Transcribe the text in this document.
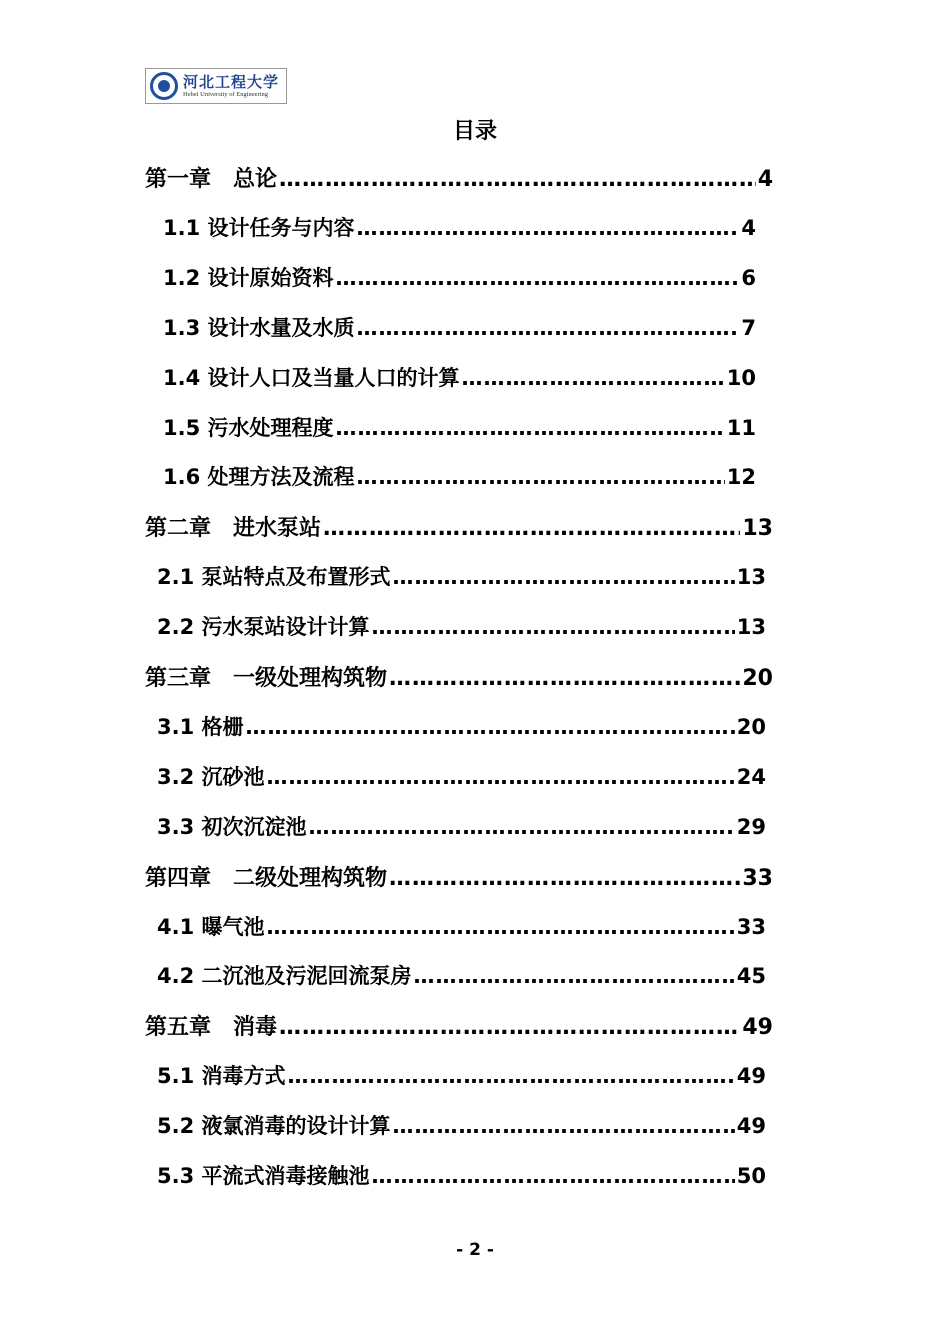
河北工程大学
Hebei University of Engineering
目录
第一章　总论 …………………………………………………………………………………………………………………………………………	4
1.1 设计任务与内容 …………………………………………………………………………………………………………………………………………	4
1.2 设计原始资料 …………………………………………………………………………………………………………………………………………	6
1.3 设计水量及水质 …………………………………………………………………………………………………………………………………………	7
1.4 设计人口及当量人口的计算 …………………………………………………………………………………………………………………………………………	10
1.5 污水处理程度 …………………………………………………………………………………………………………………………………………	11
1.6 处理方法及流程 …………………………………………………………………………………………………………………………………………	12
第二章　进水泵站 …………………………………………………………………………………………………………………………………………	13
2.1 泵站特点及布置形式 …………………………………………………………………………………………………………………………………………	13
2.2 污水泵站设计计算 …………………………………………………………………………………………………………………………………………	13
第三章　一级处理构筑物 …………………………………………………………………………………………………………………………………………	20
3.1 格栅 …………………………………………………………………………………………………………………………………………	20
3.2 沉砂池 …………………………………………………………………………………………………………………………………………	24
3.3 初次沉淀池 …………………………………………………………………………………………………………………………………………	29
第四章　二级处理构筑物 …………………………………………………………………………………………………………………………………………	33
4.1 曝气池 …………………………………………………………………………………………………………………………………………	33
4.2 二沉池及污泥回流泵房 …………………………………………………………………………………………………………………………………………	45
第五章　消毒 …………………………………………………………………………………………………………………………………………	49
5.1 消毒方式 …………………………………………………………………………………………………………………………………………	49
5.2 液氯消毒的设计计算 …………………………………………………………………………………………………………………………………………	49
5.3 平流式消毒接触池 …………………………………………………………………………………………………………………………………………	50
- 2 -
